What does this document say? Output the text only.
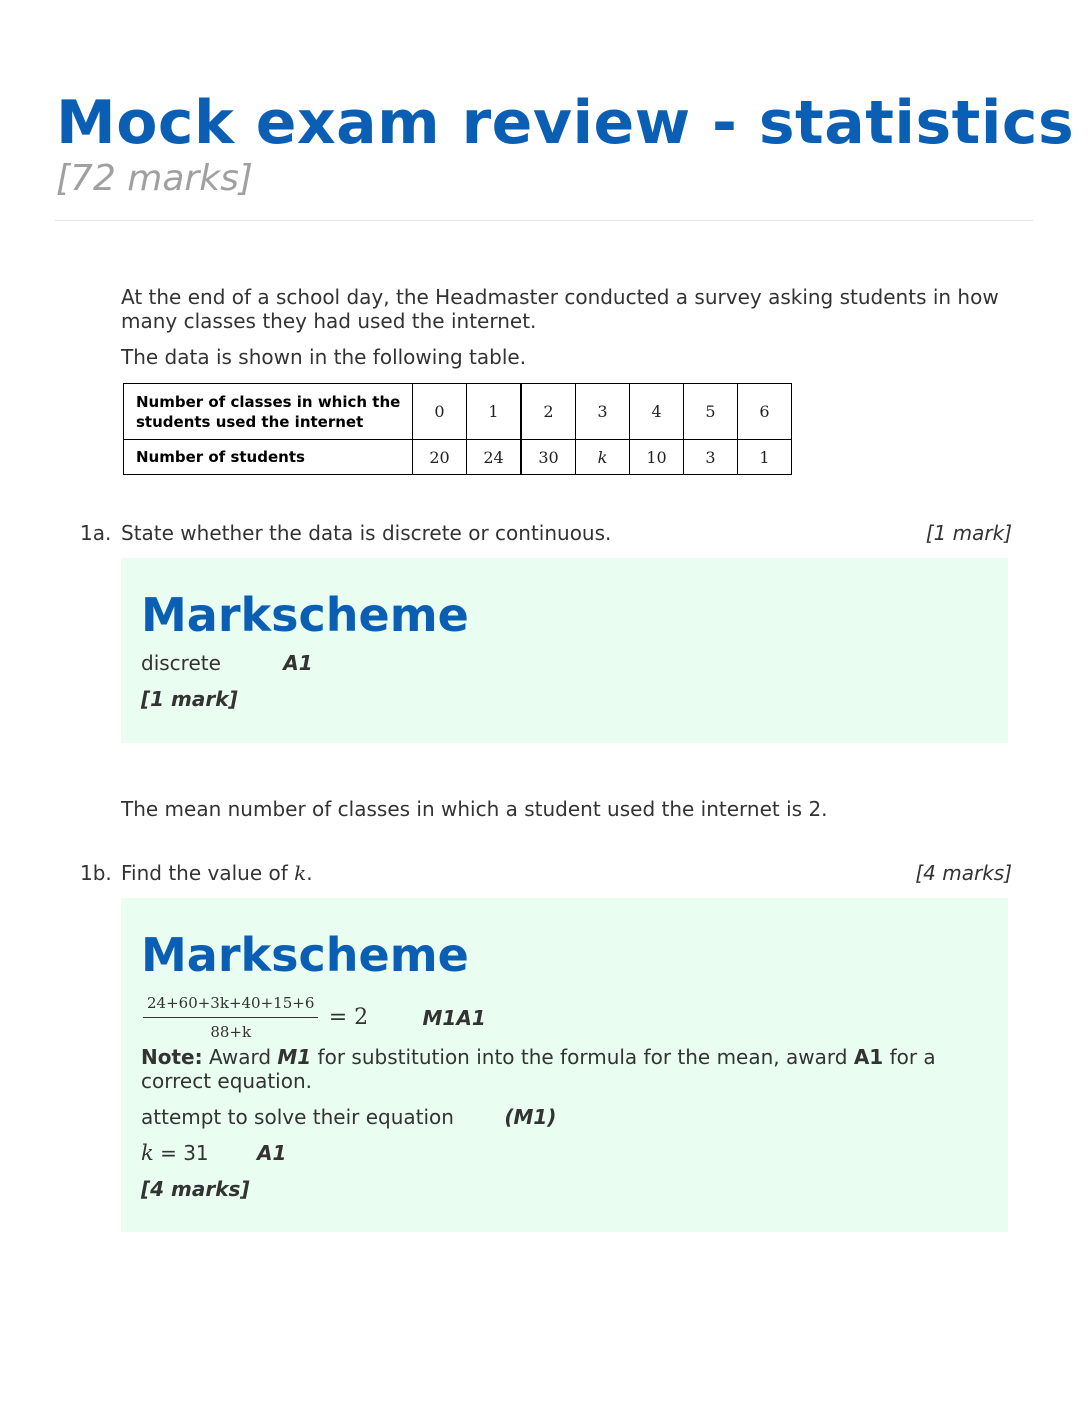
Mock exam review - statistics
[72 marks]

At the end of a school day, the Headmaster conducted a survey asking students in how many classes they had used the internet.

The data is shown in the following table.

Number of classes in which the students used the internet	0	1	2	3	4	5	6
Number of students	20	24	30	k	10	3	1
1a. State whether the data is discrete or continuous.	[1 mark]
Markscheme
discrete	A1
[1 mark]

The mean number of classes in which a student used the internet is 2.

1b. Find the value of k.	[4 marks]
Markscheme
$\frac{24+60+3k+40+15+6}{88+k} = 2$	M1A1
Note: Award M1 for substitution into the formula for the mean, award A1 for a correct equation.
attempt to solve their equation	(M1)
k = 31 A1
[4 marks]
